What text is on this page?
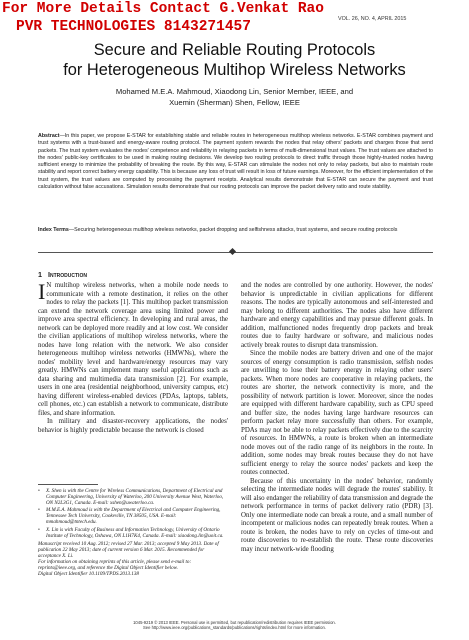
For More Details Contact G.Venkat Rao
PVR TECHNOLOGIES 8143271457	VOL. 26, NO. 4, APRIL 2015
Secure and Reliable Routing Protocols
for Heterogeneous Multihop Wireless Networks
Mohamed M.E.A. Mahmoud, Xiaodong Lin, Senior Member, IEEE, and
Xuemin (Sherman) Shen, Fellow, IEEE
Abstract—In this paper, we propose E-STAR for establishing stable and reliable routes in heterogeneous multihop wireless networks. E-STAR combines payment and trust systems with a trust-based and energy-aware routing protocol. The payment system rewards the nodes that relay others' packets and charges those that send packets. The trust system evaluates the nodes' competence and reliability in relaying packets in terms of multi-dimensional trust values. The trust values are attached to the nodes' public-key certificates to be used in making routing decisions. We develop two routing protocols to direct traffic through those highly-trusted nodes having sufficient energy to minimize the probability of breaking the route. By this way, E-STAR can stimulate the nodes not only to relay packets, but also to maintain route stability and report correct battery energy capability. This is because any loss of trust will result in loss of future earnings. Moreover, for the efficient implementation of the trust system, the trust values are computed by processing the payment receipts. Analytical results demonstrate that E-STAR can secure the payment and trust calculation without false accusations. Simulation results demonstrate that our routing protocols can improve the packet delivery ratio and route stability.
Index Terms—Securing heterogeneous multihop wireless networks, packet dropping and selfishness attacks, trust systems, and secure routing protocols
1 Introduction

I N multihop wireless networks, when a mobile node needs to communicate with a remote destination, it relies on the other nodes to relay the packets [1]. This multihop packet transmission can extend the network coverage area using limited power and improve area spectral efficiency. In developing and rural areas, the network can be deployed more readily and at low cost. We consider the civilian applications of multihop wireless networks, where the nodes have long relation with the network. We also consider heterogeneous multihop wireless networks (HMWNs), where the nodes' mobility level and hardware/energy resources may vary greatly. HMWNs can implement many useful applications such as data sharing and multimedia data transmission [2]. For example, users in one area (residential neighborhood, university campus, etc) having different wireless-enabled devices (PDAs, laptops, tablets, cell phones, etc.) can establish a network to communicate, distribute files, and share information.

In military and disaster-recovery applications, the nodes' behavior is highly predictable because the network is closed

and the nodes are controlled by one authority. However, the nodes' behavior is unpredictable in civilian applications for different reasons. The nodes are typically autonomous and self-interested and may belong to different authorities. The nodes also have different hardware and energy capabilities and may pursue different goals. In addition, malfunctioned nodes frequently drop packets and break routes due to faulty hardware or software, and malicious nodes actively break routes to disrupt data transmission.

Since the mobile nodes are battery driven and one of the major sources of energy consumption is radio transmission, selfish nodes are unwilling to lose their battery energy in relaying other users' packets. When more nodes are cooperative in relaying packets, the routes are shorter, the network connectivity is more, and the possibility of network partition is lower. Moreover, since the nodes are equipped with different hardware capability, such as CPU speed and buffer size, the nodes having large hardware resources can perform packet relay more successfully than others. For example, PDAs may not be able to relay packets effectively due to the scarcity of resources. In HMWNs, a route is broken when an intermediate node moves out of the radio range of its neighbors in the route. In addition, some nodes may break routes because they do not have sufficient energy to relay the source nodes' packets and keep the routes connected.

Because of this uncertainty in the nodes' behavior, randomly selecting the intermediate nodes will degrade the routes' stability. It will also endanger the reliability of data transmission and degrade the network performance in terms of packet delivery ratio (PDR) [3]. Only one intermediate node can break a route, and a small number of incompetent or malicious nodes can repeatedly break routes. When a route is broken, the nodes have to rely on cycles of time-out and route discoveries to re-establish the route. These route discoveries may incur network-wide flooding

• X. Shen is with the Centre for Wireless Communications, Department of Electrical and Computer Engineering, University of Waterloo, 200 University Avenue West, Waterloo, ON N2L3G1, Canada. E-mail: xshen@uwaterloo.ca.
• M.M.E.A. Mahmoud is with the Department of Electrical and Computer Engineering, Tennessee Tech University, Cookeville, TN 38505, USA. E-mail: mmahmoud@tntech.edu.
• X. Lin is with Faculty of Business and Information Technology, University of Ontario Institute of Technology, Oshawa, ON L1H7K4, Canada. E-mail: xiaodong.lin@uoit.ca.
Manuscript received 10 Aug. 2012; revised 27 Mar. 2013; accepted 9 May 2013. Date of publication 22 May 2013; date of current version 6 Mar. 2015. Recommended for acceptance X. Li.
For information on obtaining reprints of this article, please send e-mail to: reprints@ieee.org, and reference the Digital Object Identifier below.
Digital Object Identifier 10.1109/TPDS.2013.138
1045-9219 © 2013 IEEE. Personal use is permitted, but republication/redistribution requires IEEE permission.
See http://www.ieee.org/publications_standards/publications/rights/index.html for more information.
